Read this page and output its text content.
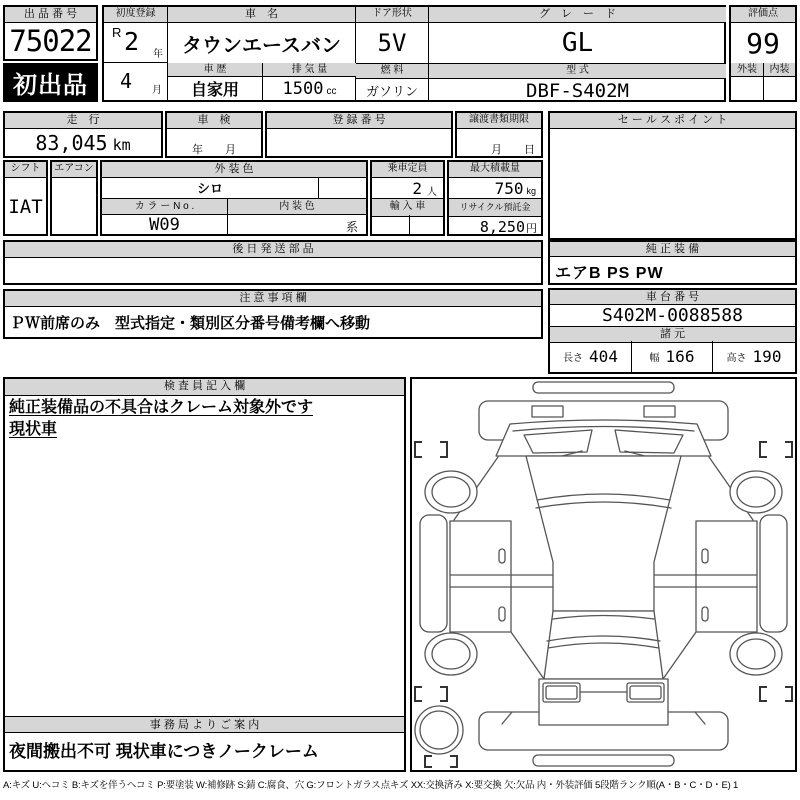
出 品 番 号
75022
初出品
初度登録
R 2 年
4 月
車　名
タウンエースバン
車 歴
自家用
排 気 量
1500 cc
ドア形状
5V
燃 料
ガソリン
グ　レ　ー　ド
GL
型 式
DBF-S402M
評価点
99
外装	内装
走　行
83,045 km
車　検
年　　月
登 録 番 号	譲渡書類期限
月　　日
セ ー ル ス ポ イ ン ト
シフト
IAT
エアコン	外 装 色
シロ
カ ラ ー N o .	内 装 色
W09	系
乗車定員
2 人
輸 入 車
最大積載量
750 kg
リサイクル預託金
8,250 円
後 日 発 送 部 品	純 正 装 備
エアB PS PW
注 意 事 項 欄
ＰＷ前席のみ　型式指定・類別区分番号備考欄へ移動
車 台 番 号
S402M-0088588
諸 元
長さ 404	幅 166	高さ 190
検 査 員 記 入 欄
純正装備品の不具合はクレーム対象外です
現状車
事 務 局 よ り ご 案 内
夜間搬出不可 現状車につきノークレーム
A:キズ U:ヘコミ B:キズを伴うヘコミ P:要塗装 W:補修跡 S:錆 C:腐食、穴 G:フロントガラス点キズ XX:交換済み X:要交換 欠:欠品 内・外装評価 5段階ランク順(A・B・C・D・E) 1
